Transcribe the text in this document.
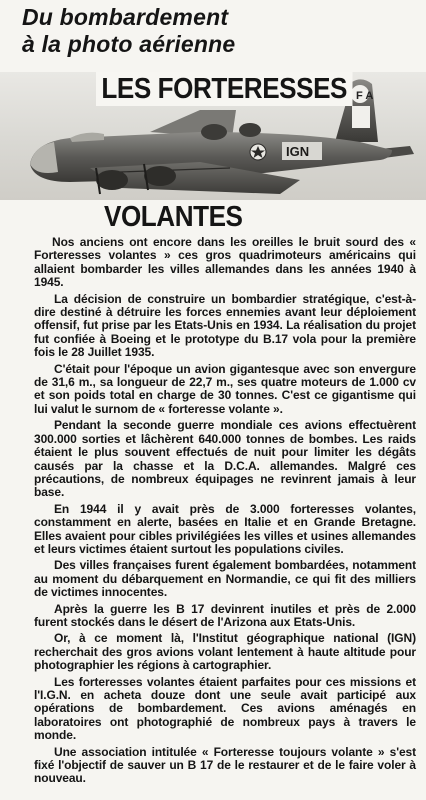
Du bombardement
à la photo aérienne
F A
IGN
LES FORTERESSES
VOLANTES

Nos anciens ont encore dans les oreilles le bruit sourd des « Forteresses volantes » ces gros quadrimoteurs américains qui allaient bombarder les villes allemandes dans les années 1940 à 1945.

La décision de construire un bombardier stratégique, c'est-à-dire destiné à détruire les forces ennemies avant leur déploiement offensif, fut prise par les Etats-Unis en 1934. La réalisation du projet fut confiée à Boeing et le prototype du B.17 vola pour la première fois le 28 Juillet 1935.

C'était pour l'époque un avion gigantesque avec son envergure de 31,6 m., sa longueur de 22,7 m., ses quatre moteurs de 1.000 cv et son poids total en charge de 30 tonnes. C'est ce gigantisme qui lui valut le surnom de « forteresse volante ».

Pendant la seconde guerre mondiale ces avions effectuèrent 300.000 sorties et lâchèrent 640.000 tonnes de bombes. Les raids étaient le plus souvent effectués de nuit pour limiter les dégâts causés par la chasse et la D.C.A. allemandes. Malgré ces précautions, de nombreux équipages ne revinrent jamais à leur base.

En 1944 il y avait près de 3.000 forteresses volantes, constamment en alerte, basées en Italie et en Grande Bretagne. Elles avaient pour cibles privilégiées les villes et usines allemandes et leurs victimes étaient surtout les populations civiles.

Des villes françaises furent également bombardées, notamment au moment du débarquement en Normandie, ce qui fit des milliers de victimes innocentes.

Après la guerre les B 17 devinrent inutiles et près de 2.000 furent stockés dans le désert de l'Arizona aux Etats-Unis.

Or, à ce moment là, l'Institut géographique national (IGN) recherchait des gros avions volant lentement à haute altitude pour photographier les régions à cartographier.

Les forteresses volantes étaient parfaites pour ces missions et l'I.G.N. en acheta douze dont une seule avait participé aux opérations de bombardement. Ces avions aménagés en laboratoires ont photographié de nombreux pays à travers le monde.

Une association intitulée « Forteresse toujours volante » s'est fixé l'objectif de sauver un B 17 de le restaurer et de le faire voler à nouveau.
